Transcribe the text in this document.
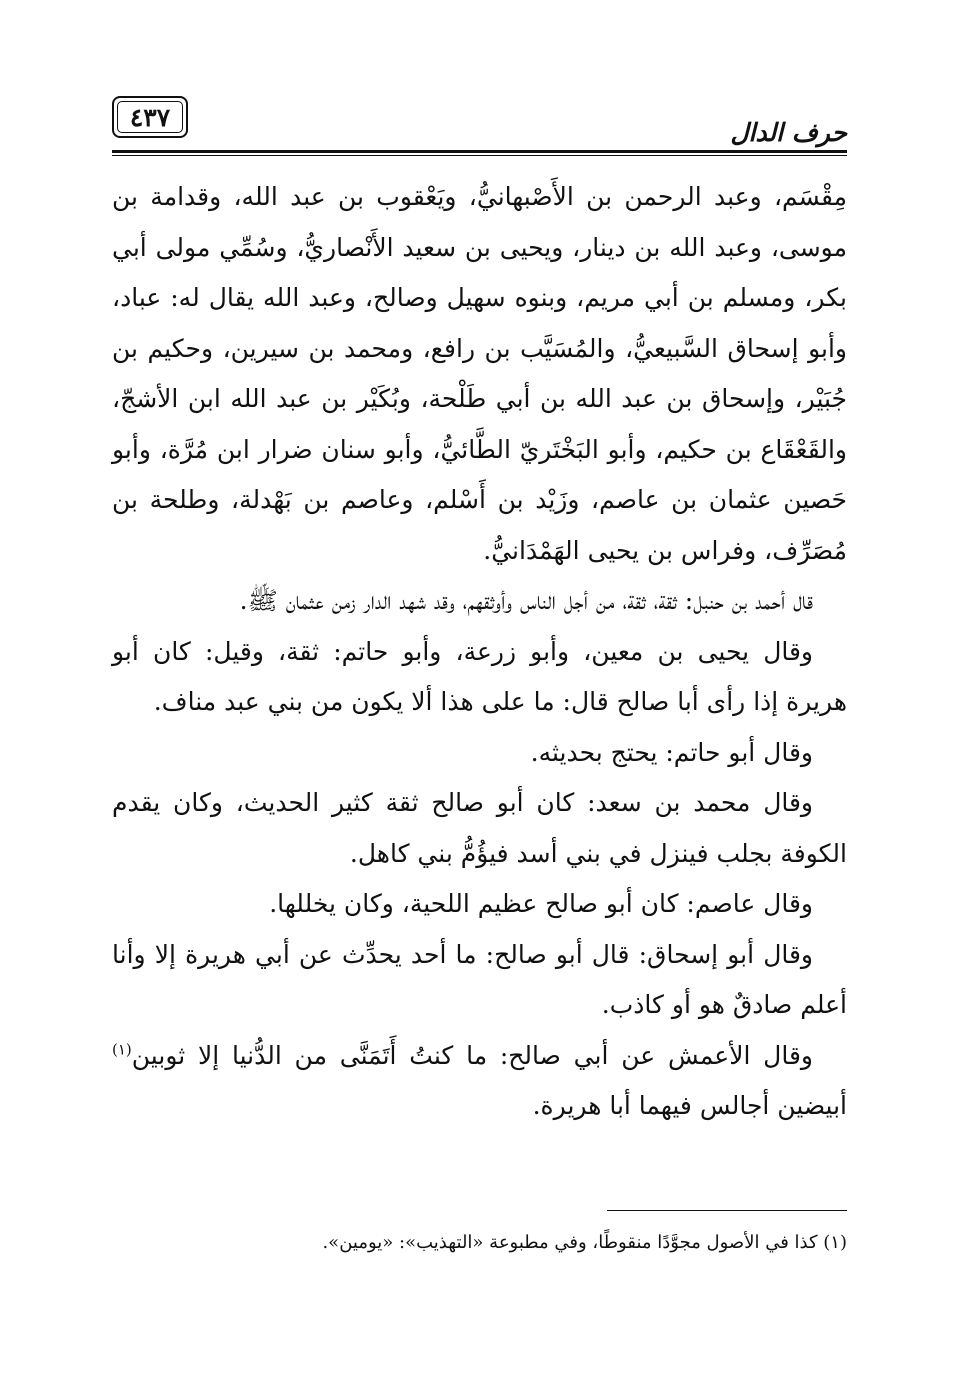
٤٣٧
حرف الدال

مِقْسَم، وعبد الرحمن بن الأَصْبهانيُّ، ويَعْقوب بن عبد الله، وقدامة بن موسى، وعبد الله بن دينار، ويحيى بن سعيد الأَنْصاريُّ، وسُمِّي مولى أبي بكر، ومسلم بن أبي مريم، وبنوه سهيل وصالح، وعبد الله يقال له: عباد، وأبو إسحاق السَّبيعيُّ، والمُسَيَّب بن رافع، ومحمد بن سيرين، وحكيم بن جُبَيْر، وإسحاق بن عبد الله بن أبي طَلْحة، وبُكَيْر بن عبد الله ابن الأشجّ، والقَعْقَاع بن حكيم، وأبو البَخْتَريّ الطَّائيُّ، وأبو سنان ضرار ابن مُرَّة، وأبو حَصين عثمان بن عاصم، وزَيْد بن أَسْلم، وعاصم بن بَهْدلة، وطلحة بن مُصَرِّف، وفراس بن يحيى الهَمْدَانيُّ.

قال أحمد بن حنبل: ثقة، ثقة، من أجل الناس وأوثقهم، وقد شهد الدار زمن عثمان ﷺ.

وقال يحيى بن معين، وأبو زرعة، وأبو حاتم: ثقة، وقيل: كان أبو هريرة إذا رأى أبا صالح قال: ما على هذا ألا يكون من بني عبد مناف.

وقال أبو حاتم: يحتج بحديثه.

وقال محمد بن سعد: كان أبو صالح ثقة كثير الحديث، وكان يقدم الكوفة بجلب فينزل في بني أسد فيؤُمُّ بني كاهل.

وقال عاصم: كان أبو صالح عظيم اللحية، وكان يخللها.

وقال أبو إسحاق: قال أبو صالح: ما أحد يحدِّث عن أبي هريرة إلا وأنا أعلم صادقٌ هو أو كاذب.

وقال الأعمش عن أبي صالح: ما كنتُ أَتَمَنَّى من الدُّنيا إلا ثوبين$^{(١)}$ أبيضين أجالس فيهما أبا هريرة.

(١) كذا في الأصول مجوَّدًا منقوطًا، وفي مطبوعة «التهذيب»: «يومين».
